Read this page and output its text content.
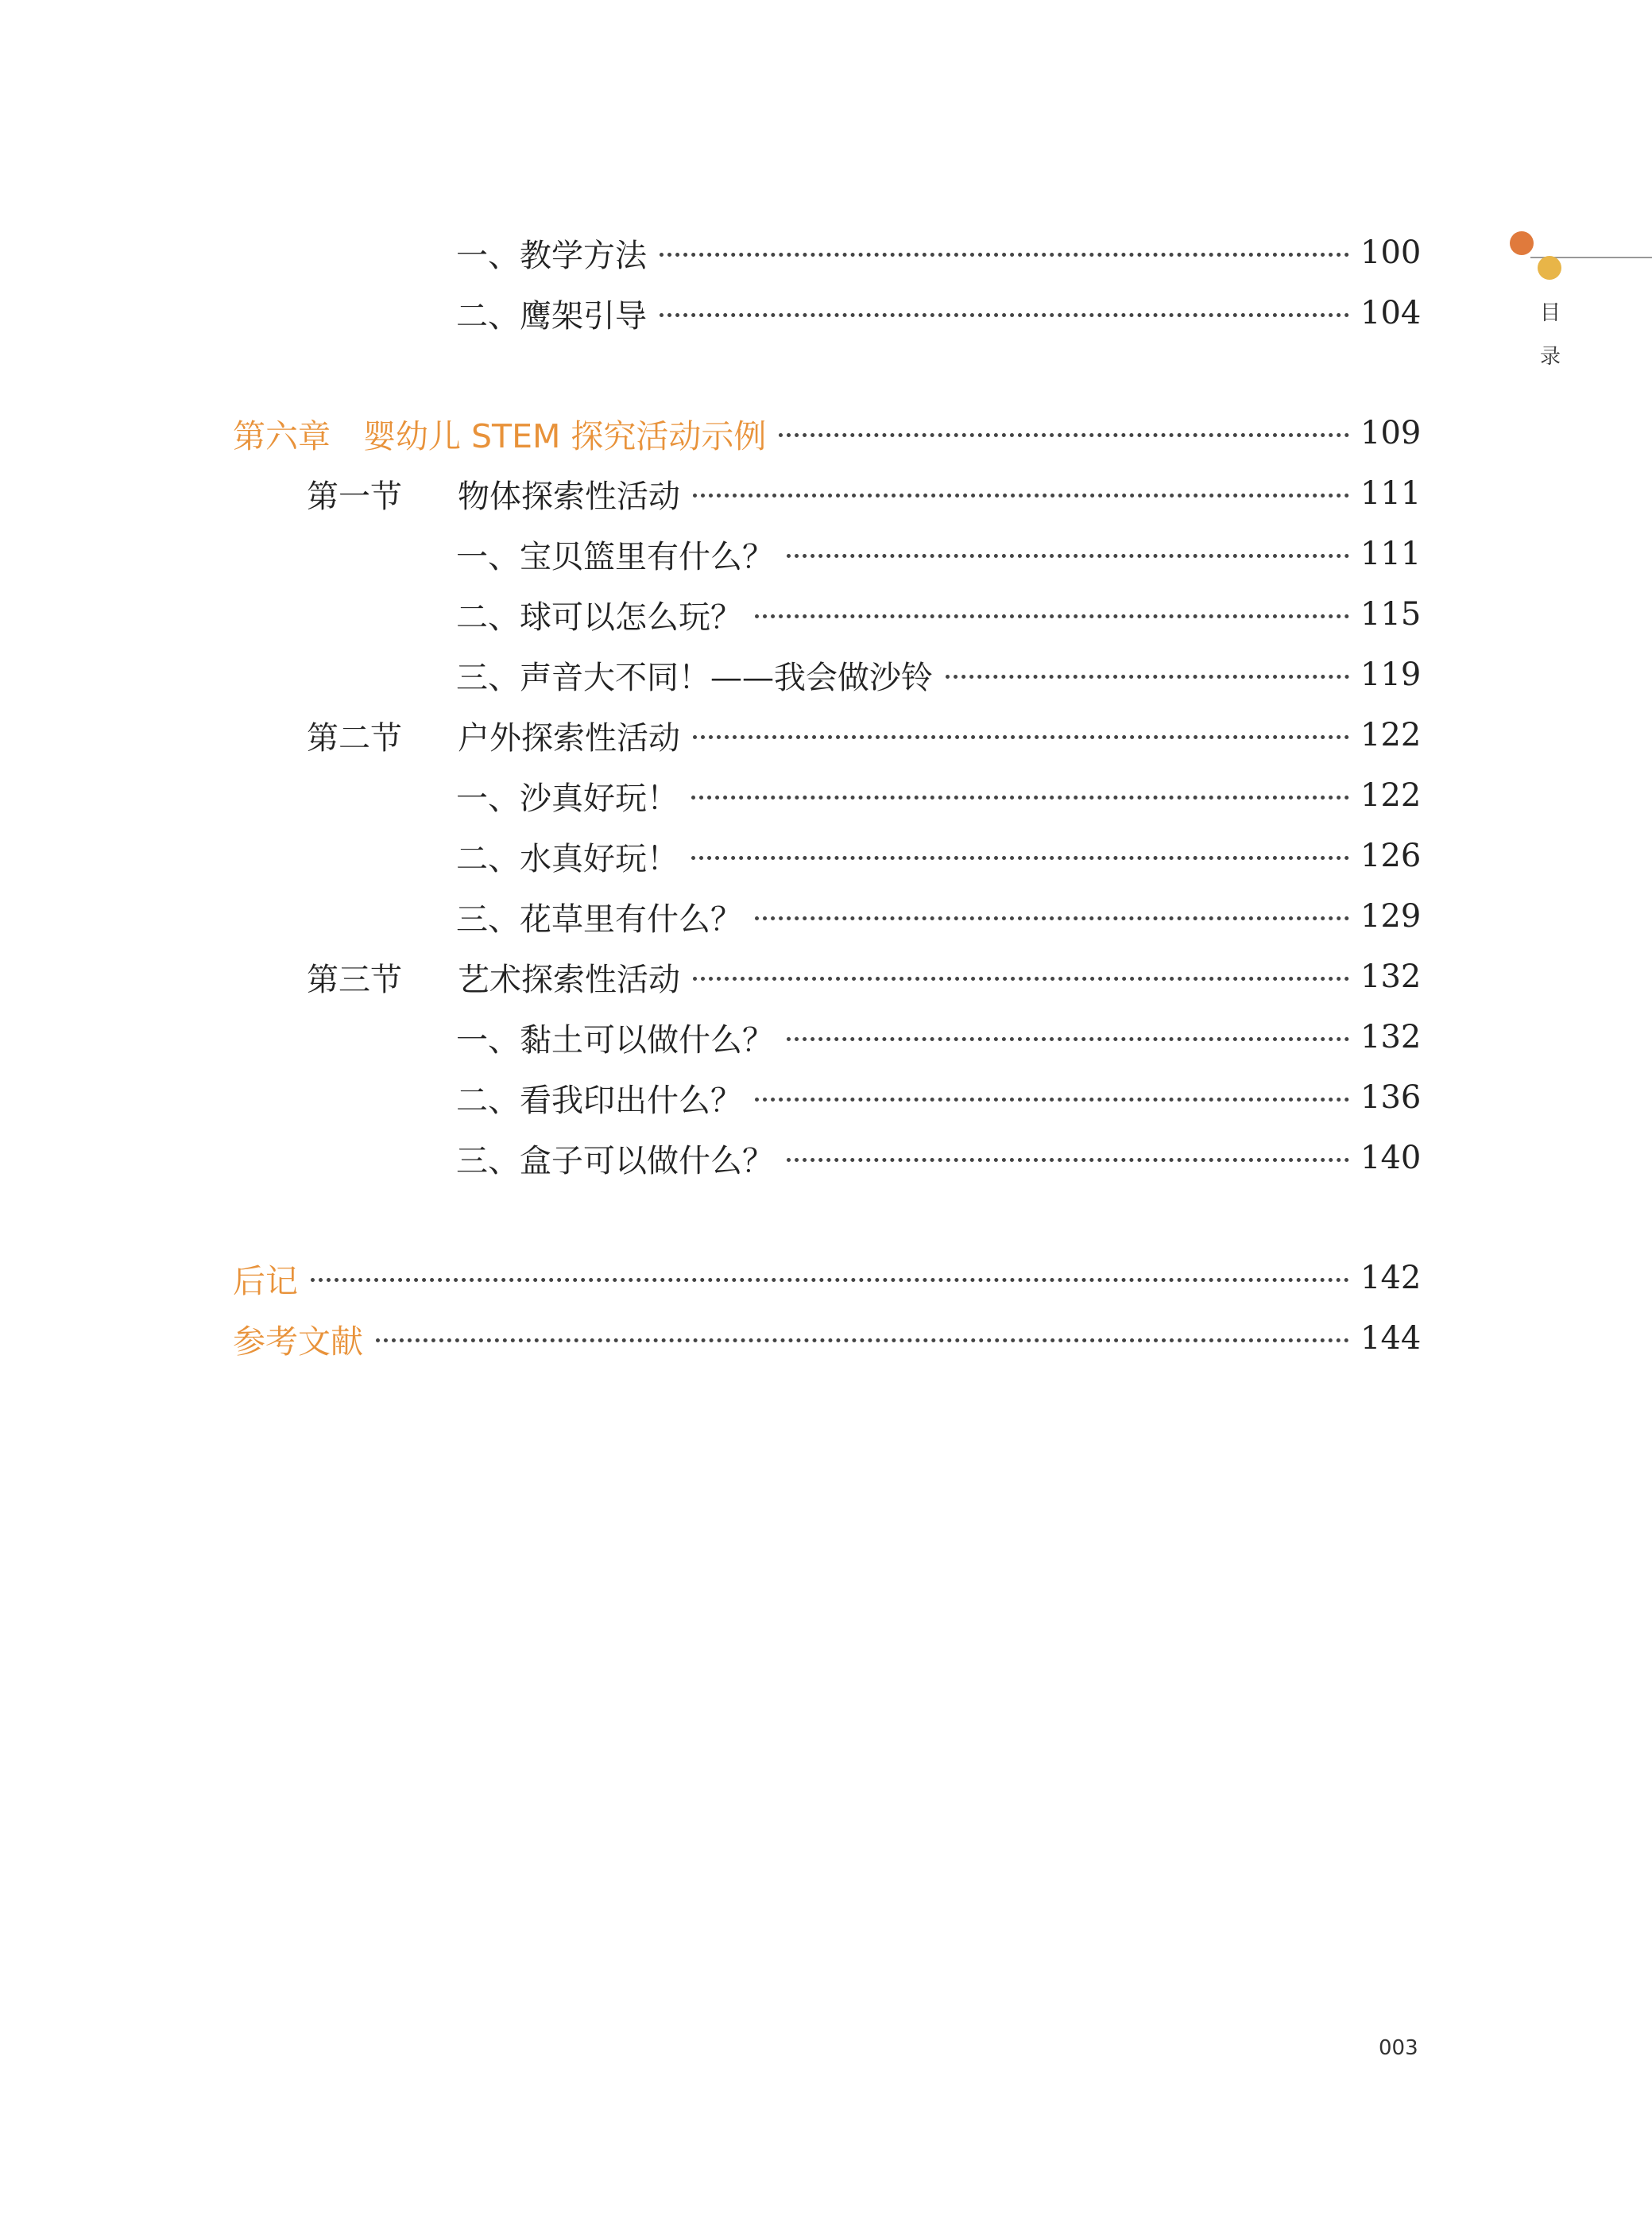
目
录
一、教学方法	100
二、鹰架引导	104
第六章　婴幼儿 STEM 探究活动示例	109
第一节 物体探索性活动	111
一、宝贝篮里有什么？	111
二、球可以怎么玩？	115
三、声音大不同！——我会做沙铃	119
第二节 户外探索性活动	122
一、沙真好玩！	122
二、水真好玩！	126
三、花草里有什么？	129
第三节 艺术探索性活动	132
一、黏土可以做什么？	132
二、看我印出什么？	136
三、盒子可以做什么？	140
后记	142
参考文献	144
003
